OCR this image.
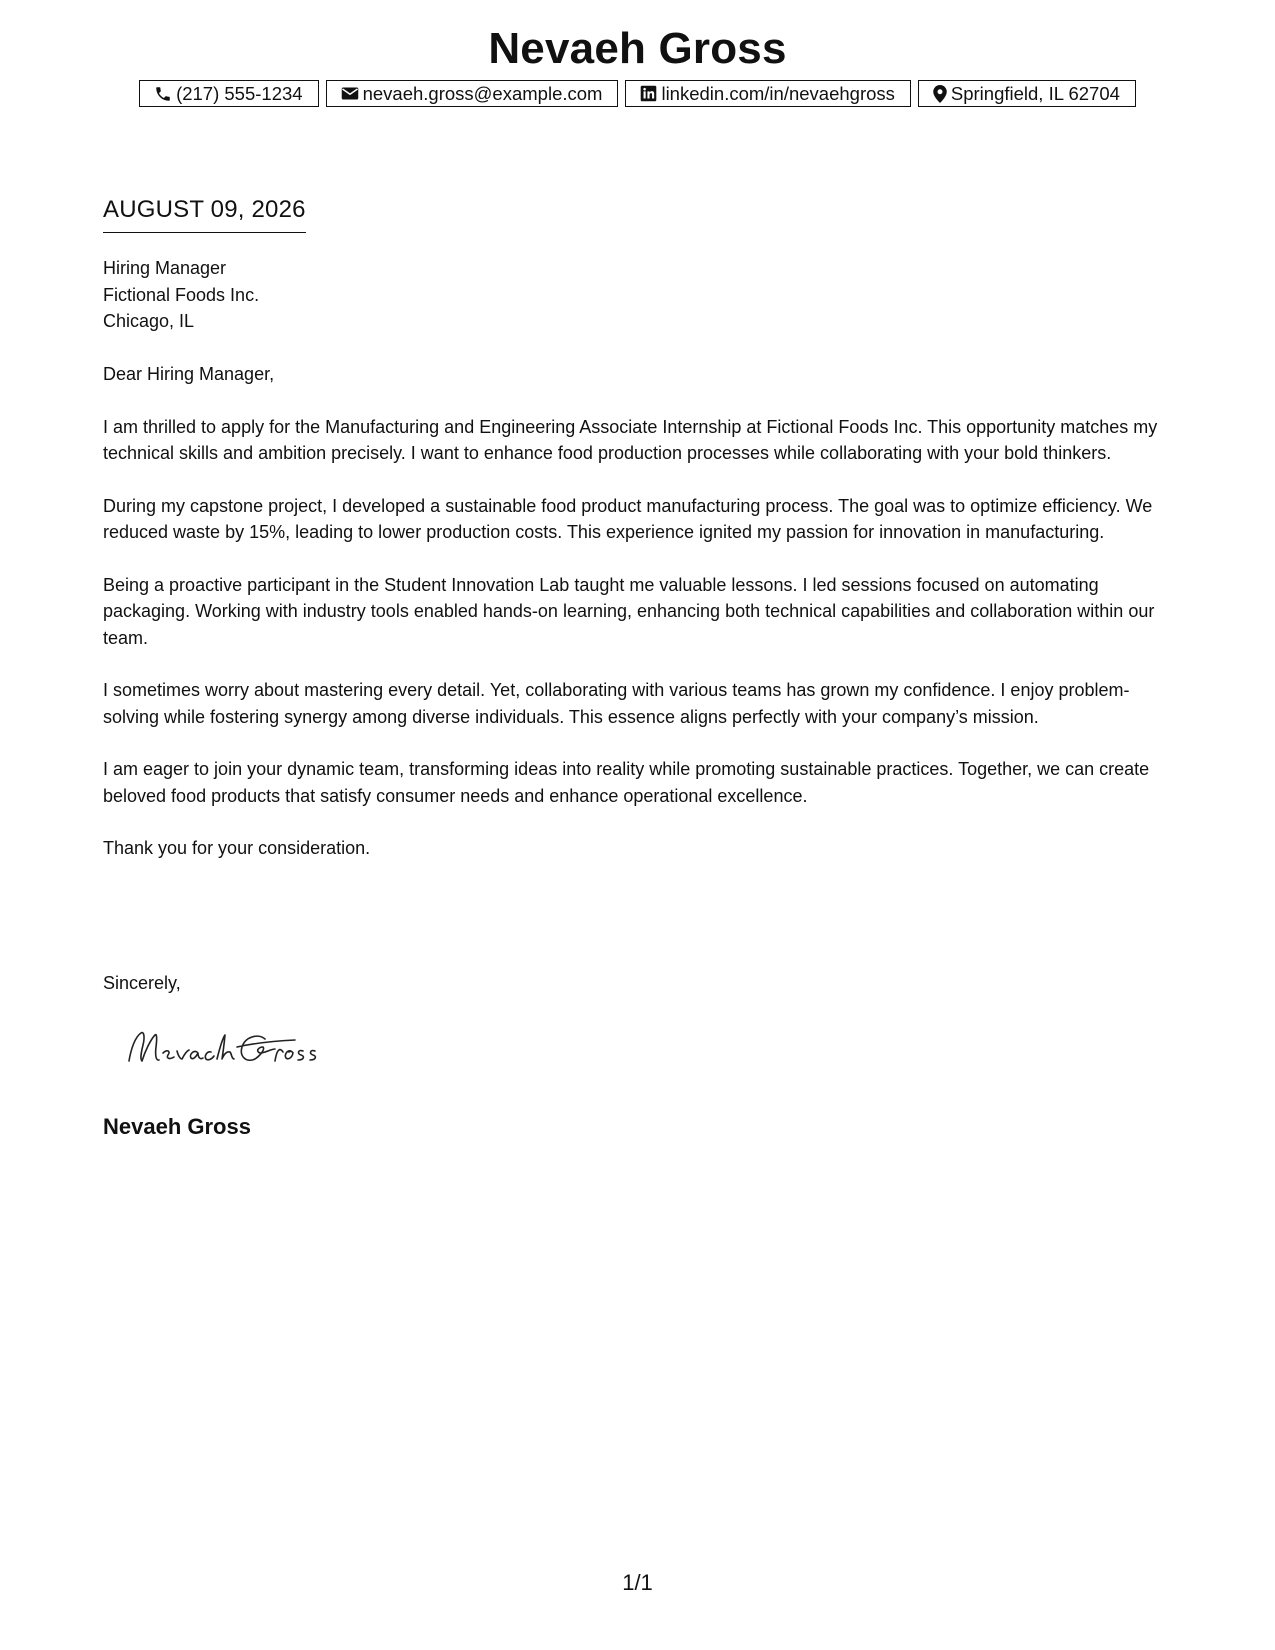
Nevaeh Gross
(217) 555-1234	nevaeh.gross@example.com	linkedin.com/in/nevaehgross	Springfield, IL 62704
AUGUST 09, 2026
Hiring Manager
Fictional Foods Inc.
Chicago, IL

Dear Hiring Manager,

I am thrilled to apply for the Manufacturing and Engineering Associate Internship at Fictional Foods Inc. This opportunity matches my technical skills and ambition precisely. I want to enhance food production processes while collaborating with your bold thinkers.

During my capstone project, I developed a sustainable food product manufacturing process. The goal was to optimize efficiency. We reduced waste by 15%, leading to lower production costs. This experience ignited my passion for innovation in manufacturing.

Being a proactive participant in the Student Innovation Lab taught me valuable lessons. I led sessions focused on automating packaging. Working with industry tools enabled hands-on learning, enhancing both technical capabilities and collaboration within our team.

I sometimes worry about mastering every detail. Yet, collaborating with various teams has grown my confidence. I enjoy problem-solving while fostering synergy among diverse individuals. This essence aligns perfectly with your company’s mission.

I am eager to join your dynamic team, transforming ideas into reality while promoting sustainable practices. Together, we can create beloved food products that satisfy consumer needs and enhance operational excellence.

Thank you for your consideration.

Sincerely,
Nevaeh Gross
1/1
